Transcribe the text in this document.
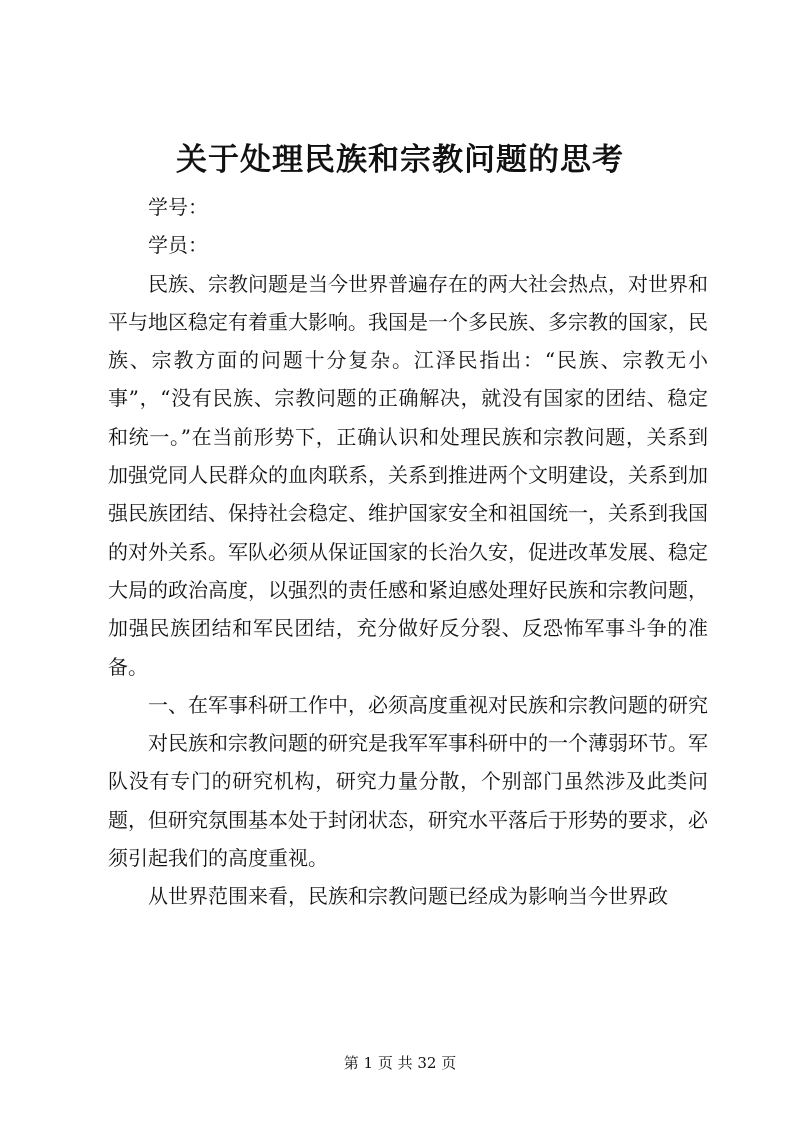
关于处理民族和宗教问题的思考

学号：

学员：

民族、宗教问题是当今世界普遍存在的两大社会热点，对世界和平与地区稳定有着重大影响。我国是一个多民族、多宗教的国家，民族、宗教方面的问题十分复杂。江泽民指出：“民族、宗教无小事”，“没有民族、宗教问题的正确解决，就没有国家的团结、稳定和统一。”在当前形势下，正确认识和处理民族和宗教问题，关系到加强党同人民群众的血肉联系，关系到推进两个文明建设，关系到加强民族团结、保持社会稳定、维护国家安全和祖国统一，关系到我国的对外关系。军队必须从保证国家的长治久安，促进改革发展、稳定大局的政治高度，以强烈的责任感和紧迫感处理好民族和宗教问题，加强民族团结和军民团结，充分做好反分裂、反恐怖军事斗争的准备。

一、在军事科研工作中，必须高度重视对民族和宗教问题的研究

对民族和宗教问题的研究是我军军事科研中的一个薄弱环节。军队没有专门的研究机构，研究力量分散，个别部门虽然涉及此类问题，但研究氛围基本处于封闭状态，研究水平落后于形势的要求，必须引起我们的高度重视。

从世界范围来看，民族和宗教问题已经成为影响当今世界政

第 1 页 共 32 页
